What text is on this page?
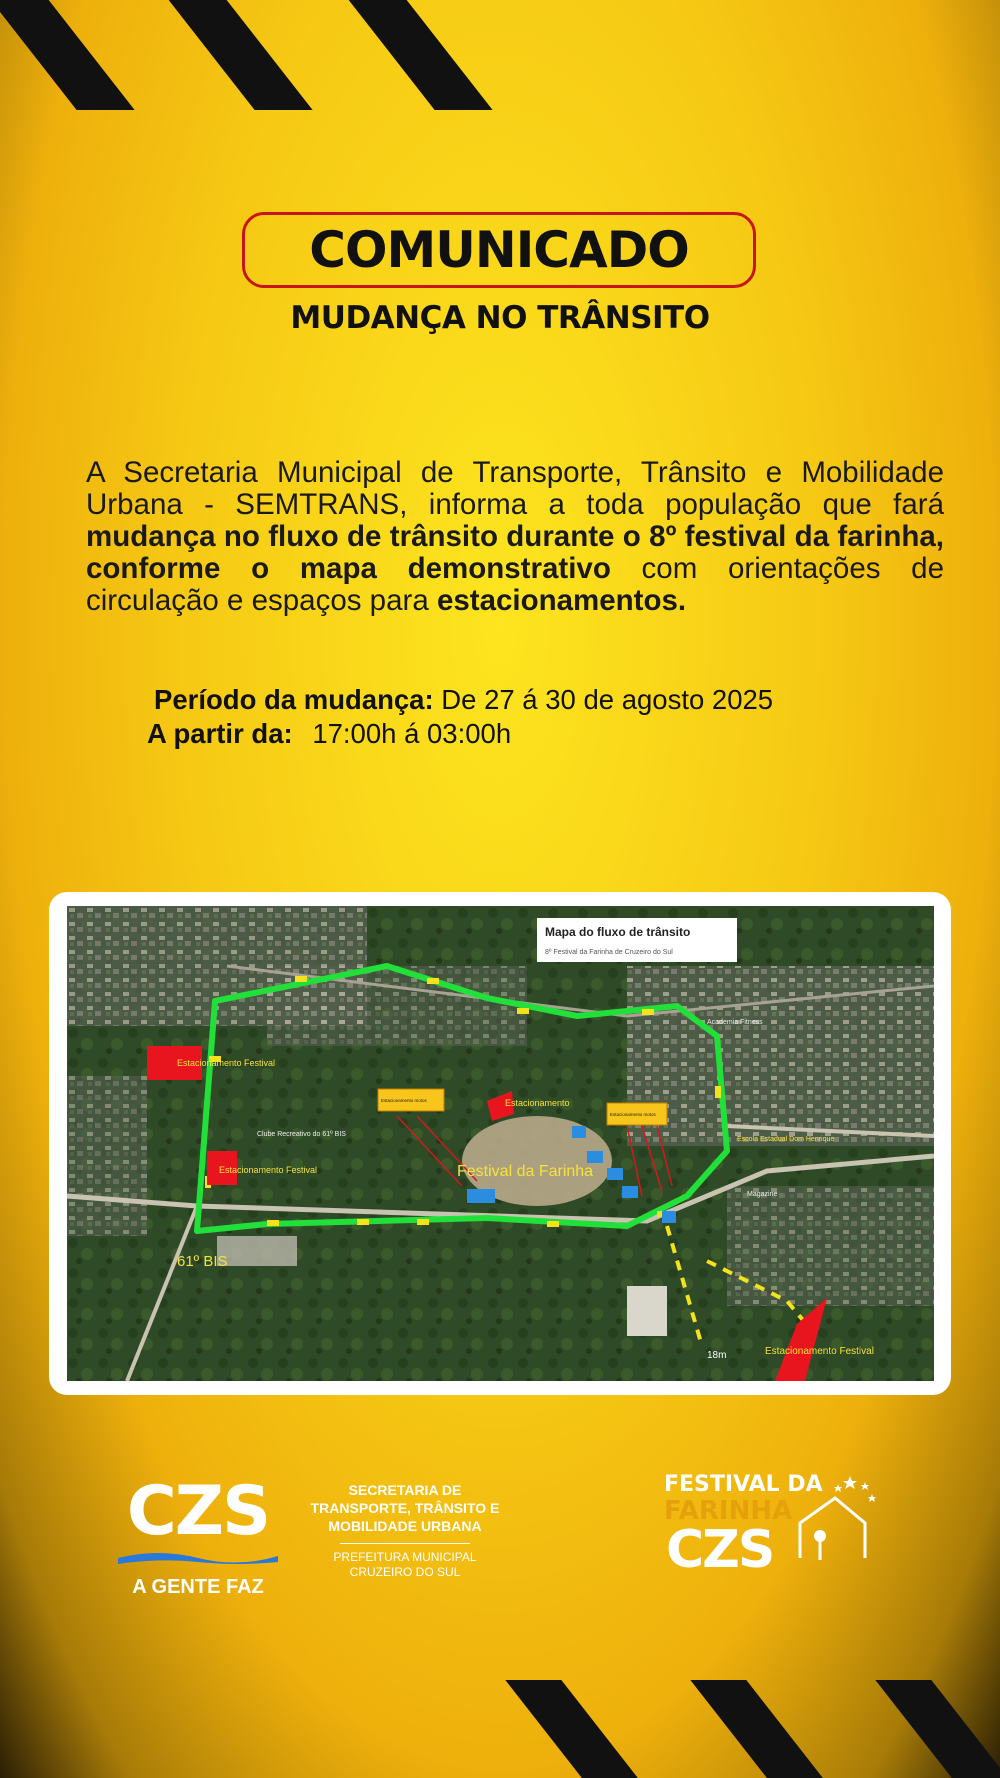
COMUNICADO
MUDANÇA NO TRÂNSITO
A Secretaria Municipal de Transporte, Trânsito e Mobilidade Urbana - SEMTRANS, informa a toda população que fará mudança no fluxo de trânsito durante o 8º festival da farinha, conforme o mapa demonstrativo com orientações de circulação e espaços para estacionamentos.
Período da mudança: De 27 á 30 de agosto 2025
A partir da: 17:00h á 03:00h
Mapa do fluxo de trânsito
8º Festival da Farinha de Cruzeiro do Sul
Estacionamento Festival
Estacionamento Festival
Estacionamento
Estacionamento Festival
Estacionamento motos
Estacionamento motos
Festival da Farinha
61º BIS
Clube Recreativo do 61º BIS
18m
Academia Fitness
Escola Estadual Dom Henrique
Magazine
CZS
A GENTE FAZ
SECRETARIA DE
TRANSPORTE, TRÂNSITO E
MOBILIDADE URBANA
PREFEITURA MUNICIPAL
CRUZEIRO DO SUL
FESTIVAL DA
FARINHA
CZS
